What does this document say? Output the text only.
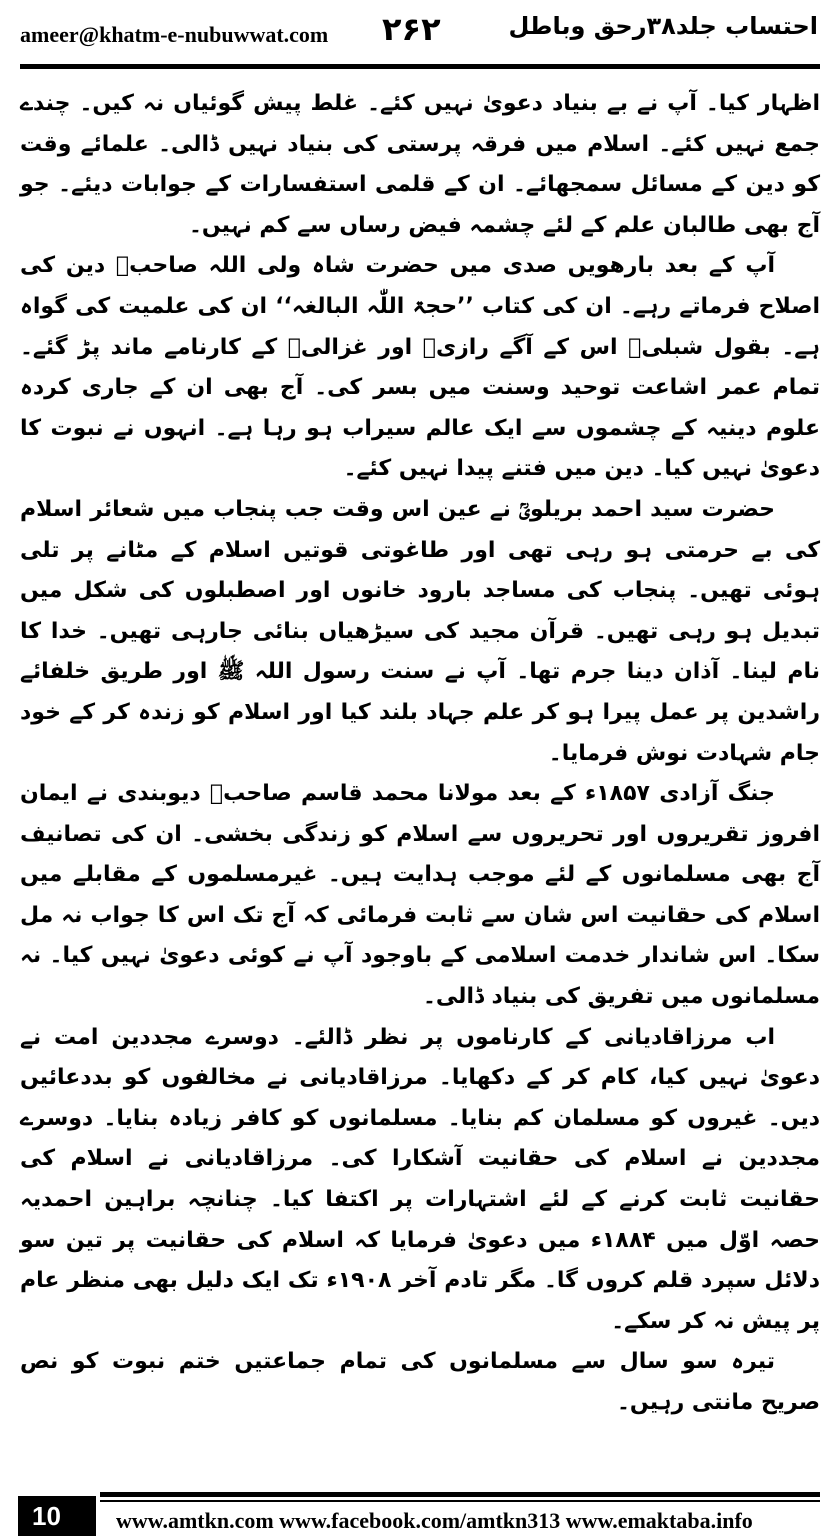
ameer@khatm-e-nubuwwat.com ۲۶۲	احتساب جلد۳۸رحق وباطل

اظہار کیا۔ آپ نے بے بنیاد دعویٰ نہیں کئے۔ غلط پیش گوئیاں نہ کیں۔ چندے جمع نہیں کئے۔ اسلام میں فرقہ پرستی کی بنیاد نہیں ڈالی۔ علمائے وقت کو دین کے مسائل سمجھائے۔ ان کے قلمی استفسارات کے جوابات دیئے۔ جو آج بھی طالبان علم کے لئے چشمہ فیض رساں سے کم نہیں۔

آپ کے بعد بارھویں صدی میں حضرت شاہ ولی اللہ صاحبؒ دین کی اصلاح فرماتے رہے۔ ان کی کتاب ’’حجۃ اللّٰہ البالغہ‘‘ ان کی علمیت کی گواہ ہے۔ بقول شبلیؒ اس کے آگے رازیؒ اور غزالیؒ کے کارنامے ماند پڑ گئے۔ تمام عمر اشاعت توحید وسنت میں بسر کی۔ آج بھی ان کے جاری کردہ علوم دینیہ کے چشموں سے ایک عالم سیراب ہو رہا ہے۔ انہوں نے نبوت کا دعویٰ نہیں کیا۔ دین میں فتنے پیدا نہیں کئے۔

حضرت سید احمد بریلویؒ نے عین اس وقت جب پنجاب میں شعائر اسلام کی بے حرمتی ہو رہی تھی اور طاغوتی قوتیں اسلام کے مٹانے پر تلی ہوئی تھیں۔ پنجاب کی مساجد بارود خانوں اور اصطبلوں کی شکل میں تبدیل ہو رہی تھیں۔ قرآن مجید کی سیڑھیاں بنائی جارہی تھیں۔ خدا کا نام لینا۔ آذان دینا جرم تھا۔ آپ نے سنت رسول اللہ ﷺ اور طریق خلفائے راشدین پر عمل پیرا ہو کر علم جہاد بلند کیا اور اسلام کو زندہ کر کے خود جام شہادت نوش فرمایا۔

جنگ آزادی ۱۸۵۷ء کے بعد مولانا محمد قاسم صاحبؒ دیوبندی نے ایمان افروز تقریروں اور تحریروں سے اسلام کو زندگی بخشی۔ ان کی تصانیف آج بھی مسلمانوں کے لئے موجب ہدایت ہیں۔ غیرمسلموں کے مقابلے میں اسلام کی حقانیت اس شان سے ثابت فرمائی کہ آج تک اس کا جواب نہ مل سکا۔ اس شاندار خدمت اسلامی کے باوجود آپ نے کوئی دعویٰ نہیں کیا۔ نہ مسلمانوں میں تفریق کی بنیاد ڈالی۔

اب مرزاقادیانی کے کارناموں پر نظر ڈالئے۔ دوسرے مجددین امت نے دعویٰ نہیں کیا، کام کر کے دکھایا۔ مرزاقادیانی نے مخالفوں کو بددعائیں دیں۔ غیروں کو مسلمان کم بنایا۔ مسلمانوں کو کافر زیادہ بنایا۔ دوسرے مجددین نے اسلام کی حقانیت آشکارا کی۔ مرزاقادیانی نے اسلام کی حقانیت ثابت کرنے کے لئے اشتہارات پر اکتفا کیا۔ چنانچہ براہین احمدیہ حصہ اوّل میں ۱۸۸۴ء میں دعویٰ فرمایا کہ اسلام کی حقانیت پر تین سو دلائل سپرد قلم کروں گا۔ مگر تادم آخر ۱۹۰۸ء تک ایک دلیل بھی منظر عام پر پیش نہ کر سکے۔

تیرہ سو سال سے مسلمانوں کی تمام جماعتیں ختم نبوت کو نص صریح مانتی رہیں۔

10	www.amtkn.com www.facebook.com/amtkn313 www.emaktaba.info
